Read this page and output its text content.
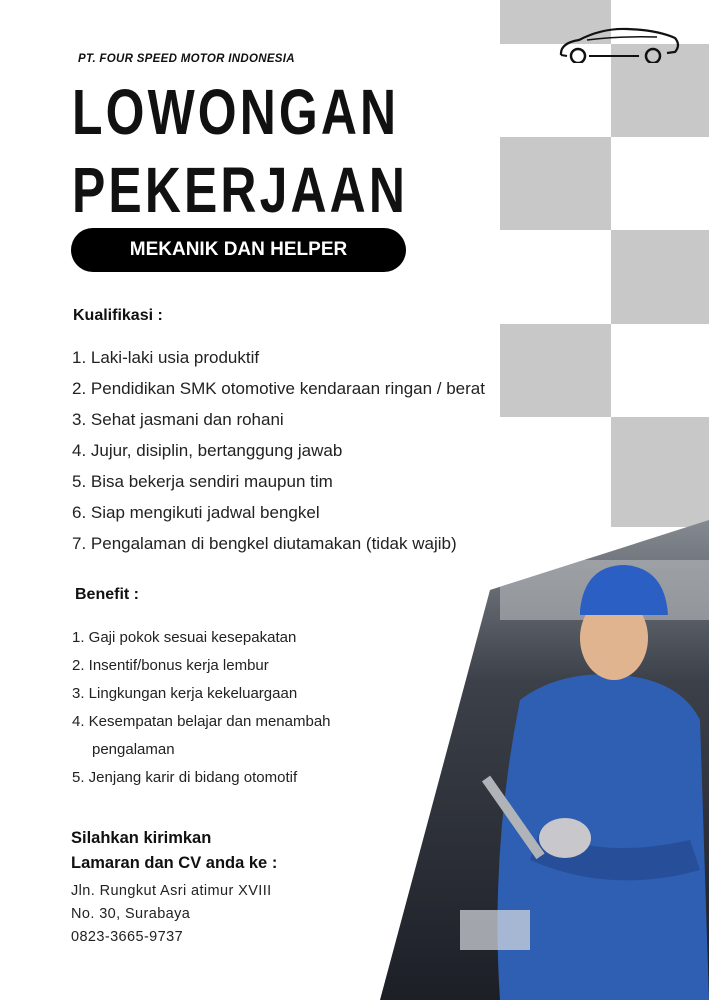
PT. FOUR SPEED MOTOR INDONESIA
LOWONGAN
PEKERJAAN
MEKANIK DAN HELPER
Kualifikasi :
1. Laki-laki usia produktif
2. Pendidikan SMK otomotive kendaraan ringan / berat
3. Sehat jasmani dan rohani
4. Jujur, disiplin, bertanggung jawab
5. Bisa bekerja sendiri maupun tim
6. Siap mengikuti jadwal bengkel
7. Pengalaman di bengkel diutamakan (tidak wajib)
Benefit :
1. Gaji pokok sesuai kesepakatan
2. Insentif/bonus kerja lembur
3. Lingkungan kerja kekeluargaan
4. Kesempatan belajar dan menambah
pengalaman
5. Jenjang karir di bidang otomotif
Silahkan kirimkan
Lamaran dan CV anda ke :
Jln. Rungkut Asri atimur XVIII
No. 30, Surabaya
0823-3665-9737
